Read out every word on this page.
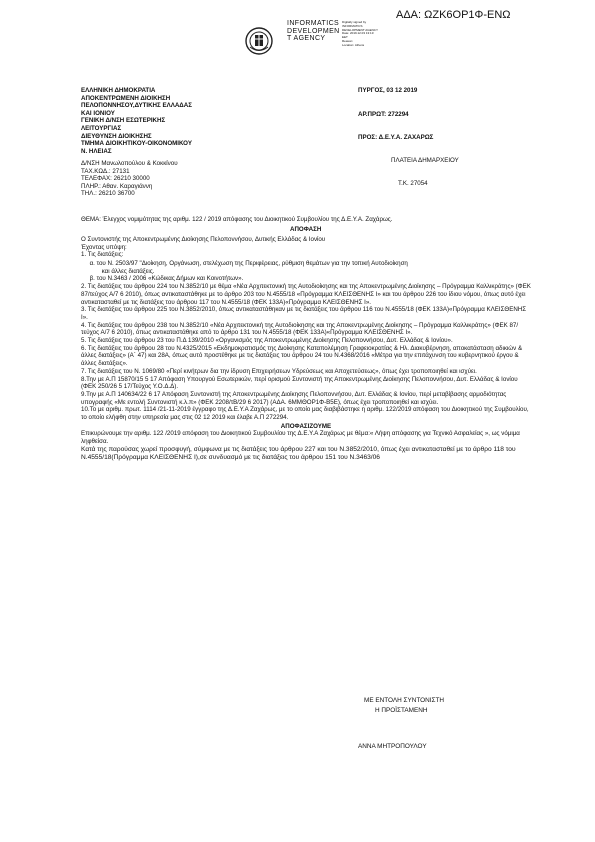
ΑΔΑ: ΩΖΚ6ΟΡ1Φ-ΕΝΩ
INFORMATICS
DEVELOPMEN
T AGENCY
Digitally signed by
INFORMATICS
DEVELOPMENT AGENCY
Date: 2019.12.03 13:13:
EET
Reason:
Location: Athens
ΕΛΛΗΝΙΚΗ ΔΗΜΟΚΡΑΤΙΑ
ΑΠΟΚΕΝΤΡΩΜΕΝΗ ΔΙΟΙΚΗΣΗ
ΠΕΛΟΠΟΝΝΗΣΟΥ,ΔΥΤΙΚΗΣ ΕΛΛΑΔΑΣ
ΚΑΙ ΙΟΝΙΟΥ
ΓΕΝΙΚΗ Δ/ΝΣΗ ΕΣΩΤΕΡΙΚΗΣ
ΛΕΙΤΟΥΡΓΙΑΣ
ΔΙΕΥΘΥΝΣΗ ΔΙΟΙΚΗΣΗΣ
ΤΜΗΜΑ ΔΙΟΙΚΗΤΙΚΟΥ-ΟΙΚΟΝΟΜΙΚΟΥ
Ν. ΗΛΕΙΑΣ
Δ/ΝΣΗ Μανωλοπούλου & Κοκκίνου
ΤΑΧ.ΚΩΔ.: 27131
ΤΕΛΕΦΑΧ: 26210 30000
ΠΛΗΡ.: Αθαν. Καραγιάννη
ΤΗΛ.: 26210 36700
ΠΥΡΓΟΣ, 03 12 2019
ΑΡ.ΠΡΩΤ: 272294
ΠΡΟΣ: Δ.Ε.Υ.Α. ΖΑΧΑΡΩΣ
ΠΛΑΤΕΙΑ ΔΗΜΑΡΧΕΙΟΥ
Τ.Κ. 27054
ΘΕΜΑ: Έλεγχος νομιμότητας της αριθμ. 122 / 2019 απόφασης του Διοικητικού Συμβουλίου της Δ.Ε.Υ.Α. Ζαχάρως.
ΑΠΟΦΑΣΗ

Ο Συντονιστής της Αποκεντρωμένης Διοίκησης Πελοποννήσου, Δυτικής Ελλάδας & Ιονίου

Έχοντας υπόψη:

1. Τις διατάξεις:

α. του Ν. 2503/97 "Διοίκηση, Οργάνωση, στελέχωση της Περιφέρειας, ρύθμιση θεμάτων για την τοπική Αυτοδιοίκηση

και άλλες διατάξεις.

β. του Ν.3463 / 2006 «Κώδικας Δήμων και Κοινοτήτων».

2. Τις διατάξεις του άρθρου 224 του Ν.3852/10 με θέμα «Νέα Αρχιτεκτονική της Αυτοδιοίκησης και της Αποκεντρωμένης Διοίκησης – Πρόγραμμα Καλλικράτης» (ΦΕΚ 87/τεύχος Α/7 6 2010), όπως αντικαταστάθηκε με το άρθρο 203 του Ν.4555/18 «Πρόγραμμα ΚΛΕΙΣΘΕΝΗΣ Ι» και του άρθρου 226 του ίδιου νόμου, όπως αυτό έχει αντικατασταθεί με τις διατάξεις του άρθρου 117 του Ν.4555/18 (ΦΕΚ 133Α)«Πρόγραμμα ΚΛΕΙΣΘΕΝΗΣ Ι».

3. Τις διατάξεις του άρθρου 225 του Ν.3852/2010, όπως αντικαταστάθηκαν με τις διατάξεις του άρθρου 116 του Ν.4555/18 (ΦΕΚ 133Α)«Πρόγραμμα ΚΛΕΙΣΘΕΝΗΣ Ι».

4. Τις διατάξεις του άρθρου 238 του Ν.3852/10 «Νέα Αρχιτεκτονική της Αυτοδιοίκησης και της Αποκεντρωμένης Διοίκησης – Πρόγραμμα Καλλικράτης» (ΦΕΚ 87/τεύχος Α/7 6 2010), όπως αντικαταστάθηκε από το άρθρο 131 του Ν.4555/18 (ΦΕΚ 133Α)«Πρόγραμμα ΚΛΕΙΣΘΕΝΗΣ Ι».

5. Τις διατάξεις του άρθρου 23 του Π.Δ 139/2010 «Οργανισμός της Αποκεντρωμένης Διοίκησης Πελοποννήσου, Δυτ. Ελλάδας & Ιονίου».

6. Τις διατάξεις του άρθρου 28 του Ν.4325/2015 «Εκδημοκρατισμός της Διοίκησης Καταπολέμηση Γραφειοκρατίας & Ηλ. Διακυβέρνηση, αποκατάσταση αδικιών & άλλες διατάξεις» (Α΄ 47) και 28Α, όπως αυτό προστέθηκε με τις διατάξεις του άρθρου 24 του Ν.4368/2016 «Μέτρα για την επιτάχυνση του κυβερνητικού έργου & άλλες διατάξεις».

7. Τις διατάξεις του Ν. 1069/80 «Περί κινήτρων δια την ίδρυση Επιχειρήσεων Υδρεύσεως και Αποχετεύσεως», όπως έχει τροποποιηθεί και ισχύει.

8.Την με Α.Π 15870/15 5 17 Απόφαση Υπουργού Εσωτερικών, περί ορισμού Συντονιστή της Αποκεντρωμένης Διοίκησης Πελοποννήσου, Δυτ. Ελλάδας & Ιονίου (ΦΕΚ 250/26 5 17/Τεύχος Υ.Ο.Δ.Δ).

9.Την με Α.Π 140634/22 6 17 Απόφαση Συντονιστή της Αποκεντρωμένης Διοίκησης Πελοποννήσου, Δυτ. Ελλάδας & Ιονίου, περί μεταβίβασης αρμοδιότητας υπογραφής «Με εντολή Συντονιστή κ.λ.π» (ΦΕΚ 2208/τΒ/29 6 2017) (ΑΔΑ. 6ΜΜΘΟΡ1Φ-Β5Ε), όπως έχει τροποποιηθεί και ισχύει.

10.Το με αριθμ. πρωτ. 1114 /21-11-2019 έγγραφο της Δ.Ε.Υ.Α Ζαχάρως, με το οποίο μας διαβιβάστηκε η αριθμ. 122/2019 απόφαση του Διοικητικού της Συμβουλίου, το οποίο ελήφθη στην υπηρεσία μας στις 02 12 2019 και έλαβε Α.Π 272294.

ΑΠΟΦΑΣΙΖΟΥΜΕ

Επικυρώνουμε την αριθμ. 122 /2019 απόφαση του Διοικητικού Συμβουλίου της Δ.Ε.Υ.Α Ζαχάρως με θέμα:« Λήψη απόφασης για Τεχνικό Ασφαλείας », ως νόμιμα ληφθείσα.

Κατά της παρούσας χωρεί προσφυγή, σύμφωνα με τις διατάξεις του άρθρου 227 και του Ν.3852/2010, όπως έχει αντικατασταθεί με το άρθρο 118 του Ν.4555/18(Πρόγραμμα ΚΛΕΙΣΘΕΝΗΣ Ι),σε συνδυασμό με τις διατάξεις του άρθρου 151 του Ν.3463/06

ΜΕ ΕΝΤΟΛΗ ΣΥΝΤΟΝΙΣΤΗ
Η ΠΡΟΪΣΤΑΜΕΝΗ
ΑΝΝΑ ΜΗΤΡΟΠΟΥΛΟΥ
